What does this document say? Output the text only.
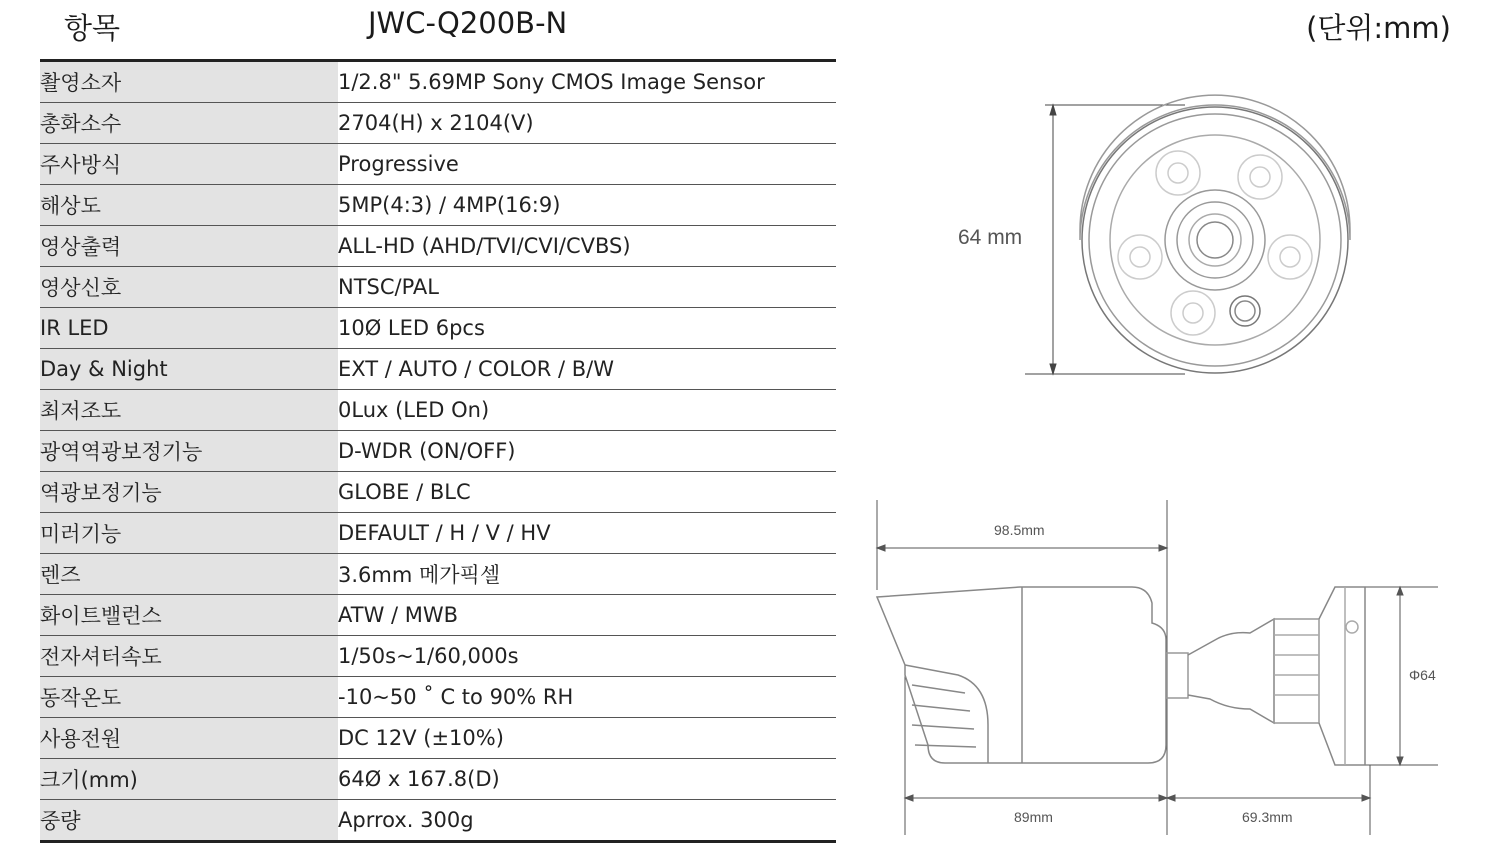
항목	JWC-Q200B-N	(단위:mm)
촬영소자	1/2.8" 5.69MP Sony CMOS Image Sensor
총화소수	2704(H) x 2104(V)
주사방식	Progressive
해상도	5MP(4:3) / 4MP(16:9)
영상출력	ALL-HD (AHD/TVI/CVI/CVBS)
영상신호	NTSC/PAL
IR LED	10Ø LED 6pcs
Day & Night	EXT / AUTO / COLOR / B/W
최저조도	0Lux (LED On)
광역역광보정기능	D-WDR (ON/OFF)
역광보정기능	GLOBE / BLC
미러기능	DEFAULT / H / V / HV
렌즈	3.6mm 메가픽셀
화이트밸런스	ATW / MWB
전자셔터속도	1/50s~1/60,000s
동작온도	-10~50 ˚ C to 90% RH
사용전원	DC 12V (±10%)
크기(mm)	64Ø x 167.8(D)
중량	Aprrox. 300g
64 mm
98.5mm
89mm	69.3mm
Φ64
